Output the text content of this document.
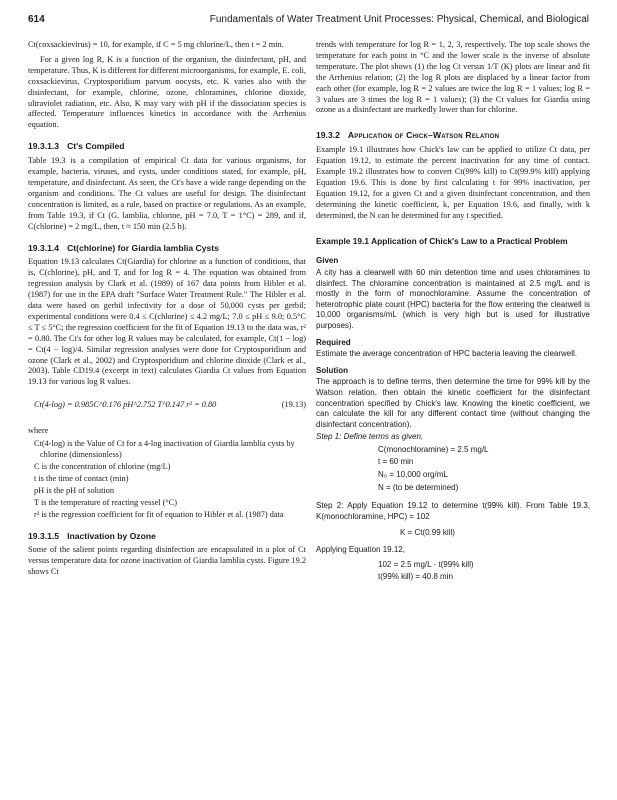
614	Fundamentals of Water Treatment Unit Processes: Physical, Chemical, and Biological

Ct(coxsackievirus) = 10, for example, if C = 5 mg chlorine/L, then t = 2 min.

For a given log R, K is a function of the organism, the disinfectant, pH, and temperature. Thus, K is different for different microorganisms, for example, E. coli, coxsackievirus, Cryptosporidium parvum oocysts, etc. K varies also with the disinfectant, for example, chlorine, ozone, chloramines, chlorine dioxide, ultraviolet radiation, etc. Also, K may vary with pH if the dissociation species is affected. Temperature influences kinetics in accordance with the Arrhenius equation.

19.3.1.3 Ct's Compiled

Table 19.3 is a compilation of empirical Ct data for various organisms, for example, bacteria, viruses, and cysts, under conditions stated, for example, pH, temperature, and disinfectant. As seen, the Ct's have a wide range depending on the organism and conditions. The Ct values are useful for design. The disinfectant concentration is limited, as a rule, based on practice or regulations. As an example, from Table 19.3, if Ct (G. lamblia, chlorine, pH = 7.0, T = 1°C) = 289, and if, C(chlorine) = 2 mg/L, then, t ≈ 150 min (2.5 h).

19.3.1.4 Ct(chlorine) for Giardia lamblia Cysts

Equation 19.13 calculates Ct(Giardia) for chlorine as a function of conditions, that is, C(chlorine), pH, and T, and for log R = 4. The equation was obtained from regression analysis by Clark et al. (1989) of 167 data points from Hibler et al. (1987) for use in the EPA draft "Surface Water Treatment Rule." The Hibler et al. data were based on gerbil infectivity for a dose of 50,000 cysts per gerbil; experimental conditions were 0.4 ≤ C(chlorine) ≤ 4.2 mg/L; 7.0 ≤ pH ≤ 9.0; 0.5°C ≤ T ≤ 5°C; the regression coefficient for the fit of Equation 19.13 to the data was, r² = 0.80. The Ct's for other log R values may be calculated, for example, Ct(1 − log) = Ct(4 − log)/4. Similar regression analyses were done for Cryptosporidium and ozone (Clark et al., 2002) and Cryptosporidium and chlorine dioxide (Clark et al., 2003). Table CD19.4 (excerpt in text) calculates Giardia Ct values from Equation 19.13 for various log R values.

Ct(4-log) = 0.985C^0.176 pH^2.752 T^0.147 r² = 0.80	(19.13)

where

Ct(4-log) is the Value of Ct for a 4-log inactivation of Giardia lamblia cysts by chlorine (dimensionless)

C is the concentration of chlorine (mg/L)

t is the time of contact (min)

pH is the pH of solution

T is the temperature of reacting vessel (°C)

r² is the regression coefficient for fit of equation to Hibler et al. (1987) data

19.3.1.5 Inactivation by Ozone

Some of the salient points regarding disinfection are encapsulated in a plot of Ct versus temperature data for ozone inactivation of Giardia lamblia cysts. Figure 19.2 shows Ct

trends with temperature for log R = 1, 2, 3, respectively. The top scale shows the temperature for each point in °C and the lower scale is the inverse of absolute temperature. The plot shows (1) the log Ct versus 1/T (K) plots are linear and fit the Arrhenius relation; (2) the log R plots are displaced by a linear factor from each other (for example, log R = 2 values are twice the log R = 1 values; log R = 3 values are 3 times the log R = 1 values); (3) the Ct values for Giardia using ozone as a disinfectant are markedly lower than for chlorine.

19.3.2 Application of Chick–Watson Relation

Example 19.1 illustrates how Chick's law can be applied to utilize Ct data, per Equation 19.12, to estimate the percent inactivation for any time of contact. Example 19.2 illustrates how to convert Ct(99% kill) to Ct(99.9% kill) applying Equation 19.6. This is done by first calculating t for 99% inactivation, per Equation 19.12, for a given Ct and a given disinfectant concentration, and then determining the kinetic coefficient, k, per Equation 19.6, and finally, with k determined, the N can be determined for any t specified.

Example 19.1 Application of Chick's Law to a Practical Problem
Given

A city has a clearwell with 60 min detention time and uses chloramines to disinfect. The chloramine concentration is maintained at 2.5 mg/L and is mostly in the form of monochloramine. Assume the concentration of heterotrophic plate count (HPC) bacteria for the flow entering the clearwell is 10,000 organisms/mL (which is very high but is used for illustrative purposes).

Required

Estimate the average concentration of HPC bacteria leaving the clearwell.

Solution

The approach is to define terms, then determine the time for 99% kill by the Watson relation, then obtain the kinetic coefficient for the disinfectant concentration specified by Chick's law. Knowing the kinetic coefficient, we can calculate the kill for any different contact time (without changing the disinfectant concentration).

Step 1: Define terms as given,

C(monochloramine) = 2.5 mg/L

t = 60 min

N₀ = 10,000 org/mL

N = (to be determined)

Step 2: Apply Equation 19.12 to determine t(99% kill). From Table 19.3, K(monochloramine, HPC) = 102

K = Ct(0.99 kill)

Applying Equation 19.12,

102 = 2.5 mg/L · t(99% kill)

t(99% kill) = 40.8 min
